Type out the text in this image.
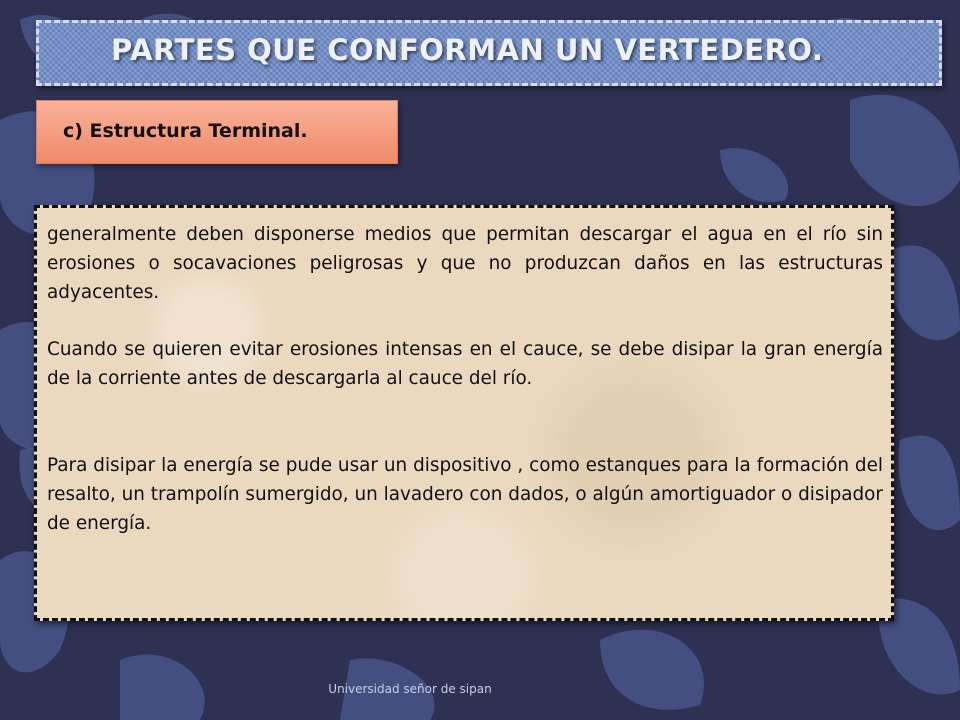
PARTES QUE CONFORMAN UN VERTEDERO.
c) Estructura Terminal.

generalmente deben disponerse medios que permitan descargar el agua en el río sin erosiones o socavaciones peligrosas y que no produzcan daños en las estructuras adyacentes.

Cuando se quieren evitar erosiones intensas en el cauce, se debe disipar la gran energía de la corriente antes de descargarla al cauce del río.

Para disipar la energía se pude usar un dispositivo , como estanques para la formación del resalto, un trampolín sumergido, un lavadero con dados, o algún amortiguador o disipador de energía.

Universidad señor de sipan
